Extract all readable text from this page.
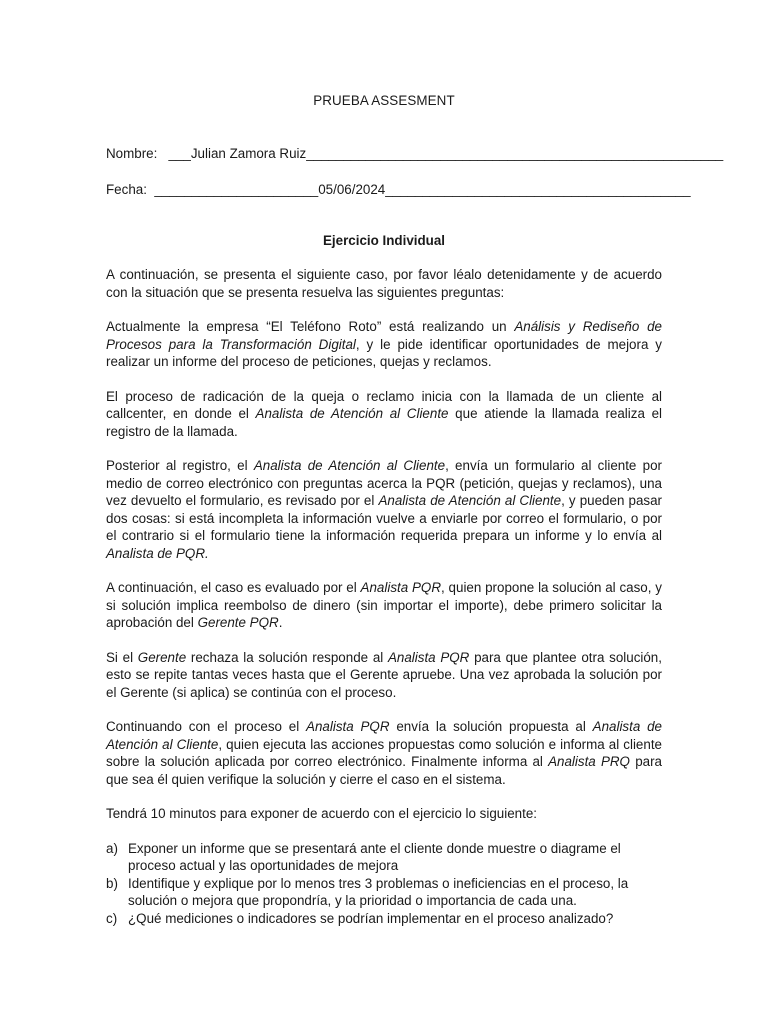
PRUEBA ASSESMENT
Nombre:   ___Julian Zamora Ruiz________________________________________________________
Fecha:  ______________________05/06/2024_________________________________________
Ejercicio Individual

A continuación, se presenta el siguiente caso, por favor léalo detenidamente y de acuerdo con la situación que se presenta resuelva las siguientes preguntas:

Actualmente la empresa “El Teléfono Roto” está realizando un Análisis y Rediseño de Procesos para la Transformación Digital, y le pide identificar oportunidades de mejora y realizar un informe del proceso de peticiones, quejas y reclamos.

El proceso de radicación de la queja o reclamo inicia con la llamada de un cliente al callcenter, en donde el Analista de Atención al Cliente que atiende la llamada realiza el registro de la llamada.

Posterior al registro, el Analista de Atención al Cliente, envía un formulario al cliente por medio de correo electrónico con preguntas acerca la PQR (petición, quejas y reclamos), una vez devuelto el formulario, es revisado por el Analista de Atención al Cliente, y pueden pasar dos cosas: si está incompleta la información vuelve a enviarle por correo el formulario, o por el contrario si el formulario tiene la información requerida prepara un informe y lo envía al Analista de PQR.

A continuación, el caso es evaluado por el Analista PQR, quien propone la solución al caso, y si solución implica reembolso de dinero (sin importar el importe), debe primero solicitar la aprobación del Gerente PQR.

Si el Gerente rechaza la solución responde al Analista PQR para que plantee otra solución, esto se repite tantas veces hasta que el Gerente apruebe. Una vez aprobada la solución por el Gerente (si aplica) se continúa con el proceso.

Continuando con el proceso el Analista PQR envía la solución propuesta al Analista de Atención al Cliente, quien ejecuta las acciones propuestas como solución e informa al cliente sobre la solución aplicada por correo electrónico. Finalmente informa al Analista PRQ para que sea él quien verifique la solución y cierre el caso en el sistema.

Tendrá 10 minutos para exponer de acuerdo con el ejercicio lo siguiente:

a) Exponer un informe que se presentará ante el cliente donde muestre o diagrame el proceso actual y las oportunidades de mejora
b) Identifique y explique por lo menos tres 3 problemas o ineficiencias en el proceso, la solución o mejora que propondría, y la prioridad o importancia de cada una.
c) ¿Qué mediciones o indicadores se podrían implementar en el proceso analizado?
